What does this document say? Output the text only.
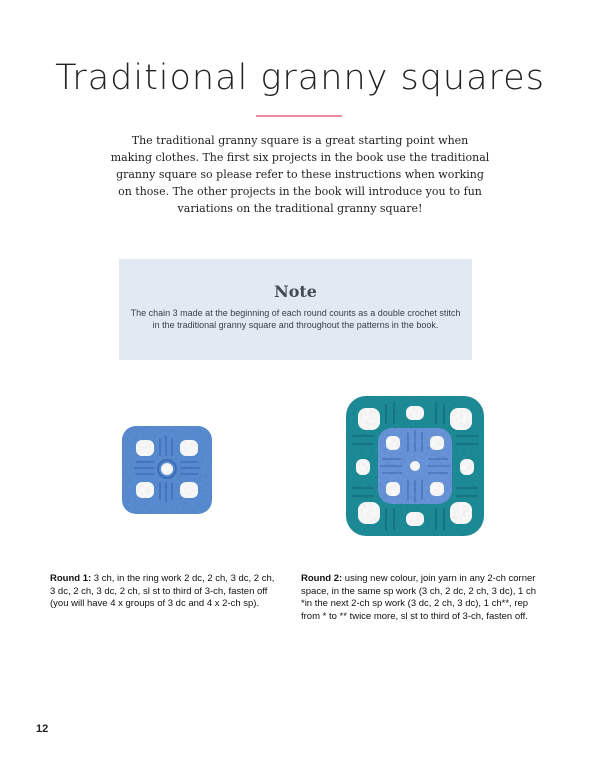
Traditional granny squares
The traditional granny square is a great starting point when making clothes. The first six projects in the book use the traditional granny square so please refer to these instructions when working on those. The other projects in the book will introduce you to fun variations on the traditional granny square!
Note
The chain 3 made at the beginning of each round counts as a double crochet stitch in the traditional granny square and throughout the patterns in the book.
Round 1: 3 ch, in the ring work 2 dc, 2 ch, 3 dc, 2 ch, 3 dc, 2 ch, 3 dc, 2 ch, sl st to third of 3-ch, fasten off (you will have 4 x groups of 3 dc and 4 x 2-ch sp).
Round 2: using new colour, join yarn in any 2-ch corner space, in the same sp work (3 ch, 2 dc, 2 ch, 3 dc), 1 ch *in the next 2-ch sp work (3 dc, 2 ch, 3 dc), 1 ch**, rep from * to ** twice more, sl st to third of 3-ch, fasten off.
12
